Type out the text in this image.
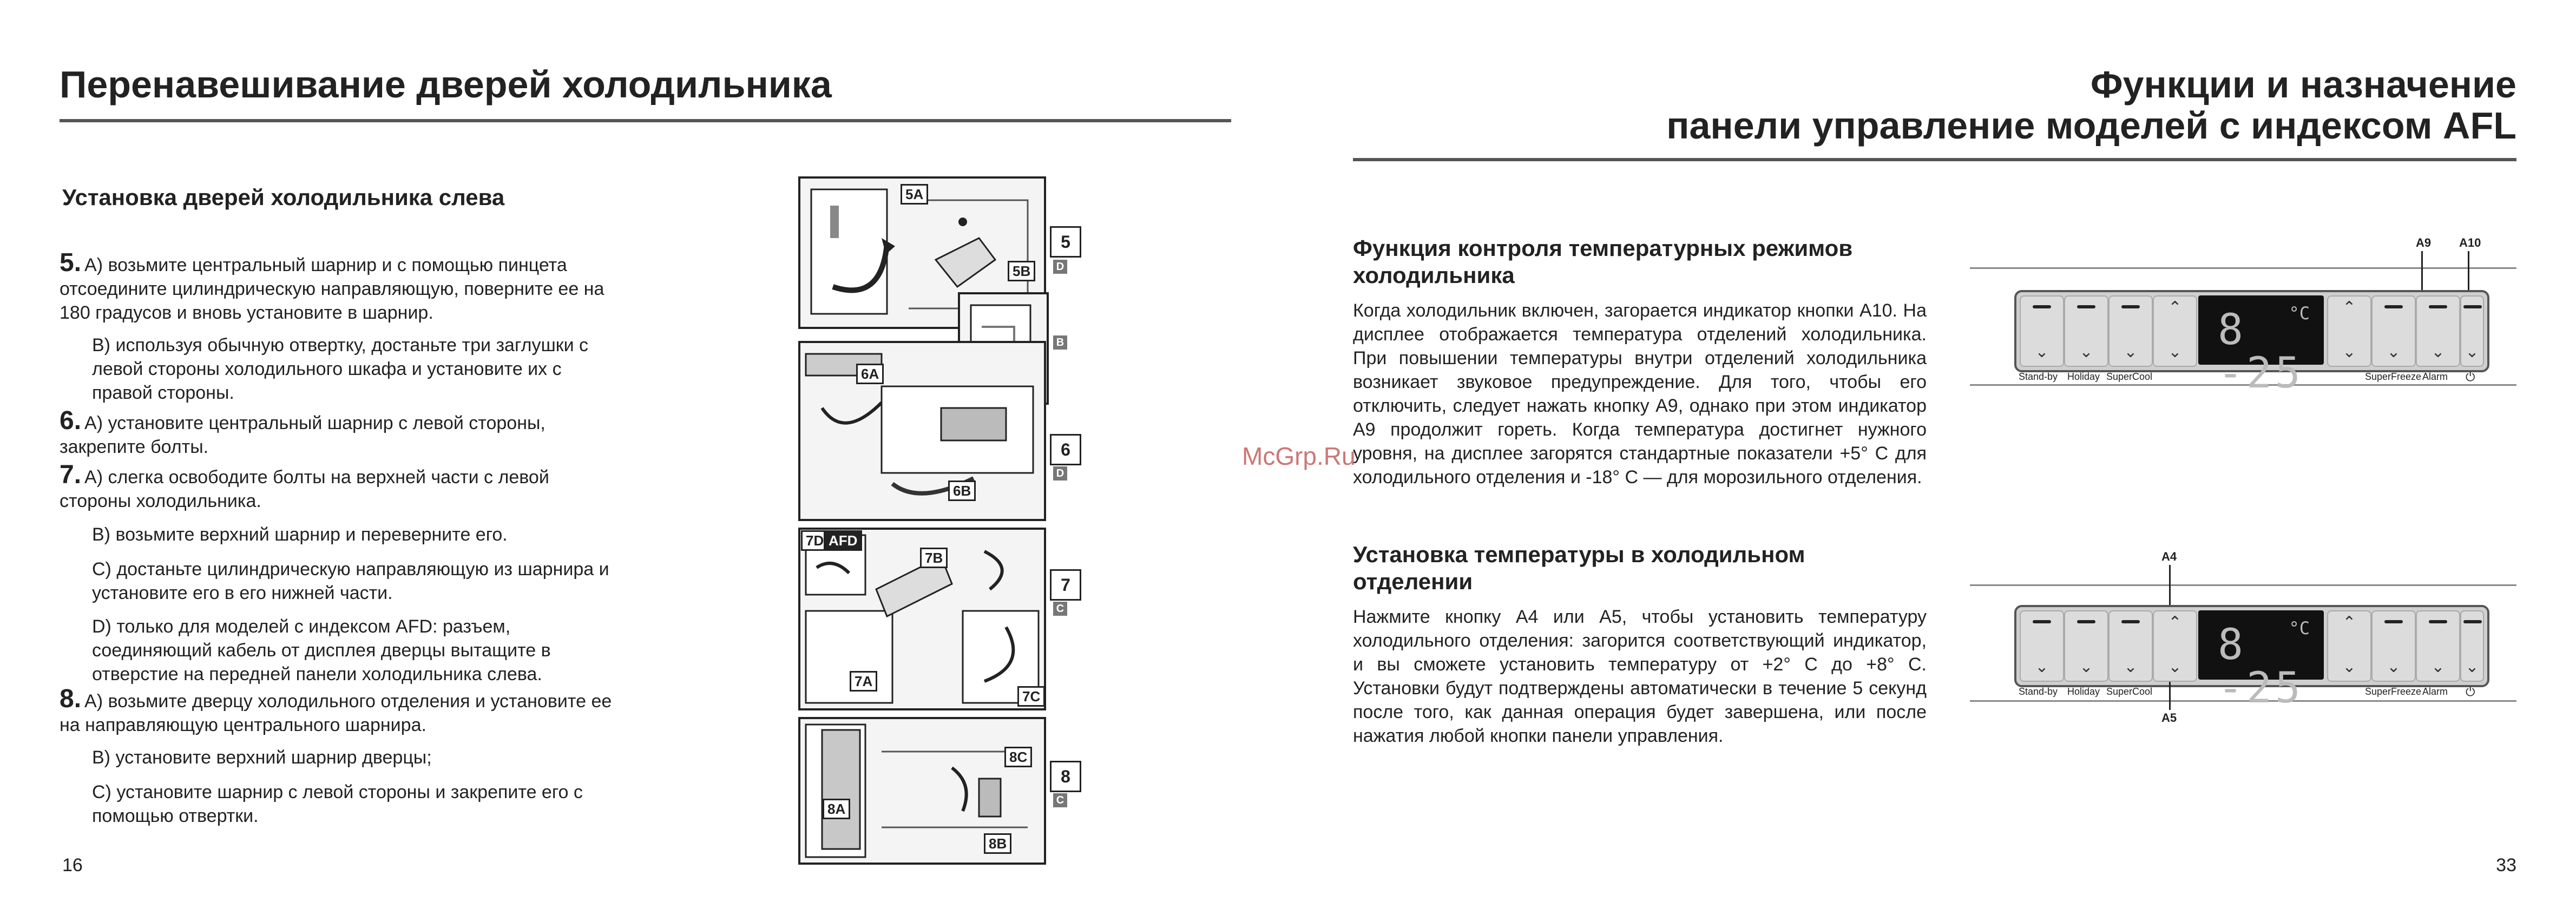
Перенавешивание дверей холодильника
Установка дверей холодильника слева
5. A) возьмите центральный шарнир и с помощью пинцета отсоедините цилиндрическую направляющую, поверните ее на 180 градусов и вновь установите в шарнир.
B) используя обычную отвертку, достаньте три заглушки с левой стороны холодильного шкафа и установите их с правой стороны.
6. A) установите центральный шарнир с левой стороны, закрепите болты.
7. A) слегка освободите болты на верхней части с левой стороны холодильника.
B) возьмите верхний шарнир и переверните его.
C) достаньте цилиндрическую направляющую из шарнира и установите его в его нижней части.
D) только для моделей с индексом AFD: разъем, соединяющий кабель от дисплея дверцы вытащите в отверстие на передней панели холодильника слева.
8. A) возьмите дверцу холодильного отделения и установите ее на направляющую центрального шарнира.
B) установите верхний шарнир дверцы;
C) установите шарнир с левой стороны и закрепите его с помощью отвертки.
16
5A
5B
6A
6B
7D AFD
7B
7A
7C
8C
8A
8B
5
D
B
6
D
7
C
8
C
McGrp.Ru
Функции и назначение
панели управление моделей с индексом AFL
Функция контроля температурных режимов
холодильника
Когда холодильник включен, загорается индикатор кнопки A10. На дисплее отображается температура отделений холодильника. При повышении температуры внутри отделений холодильника возникает звуковое предупреждение. Для того, чтобы его отключить, следует нажать кнопку A9, однако при этом индикатор A9 продолжит гореть. Когда температура достигнет нужного уровня, на дисплее загорятся стандартные показатели +5° С для холодильного отделения и -18° С — для морозильного отделения.
Установка температуры в холодильном
отделении
Нажмите кнопку A4 или A5, чтобы установить температуру холодильного отделения: загорится соответствующий индикатор, и вы сможете установить температуру от +2° С до +8° С. Установки будут подтверждены автоматически в течение 5 секунд после того, как данная операция будет завершена, или после нажатия любой кнопки панели управления.
33
A9 A10
⌄	⌄	⌄
⌃
⌄ 8 -25
°C	⌃
⌄	⌄	⌄	⌄
Stand-by Holiday SuperCool	SuperFreeze Alarm ⏻
A4
⌄	⌄	⌄
⌃
⌄ 8 -25
°C	⌃
⌄	⌄	⌄	⌄
Stand-by Holiday SuperCool	SuperFreeze Alarm ⏻
A5
